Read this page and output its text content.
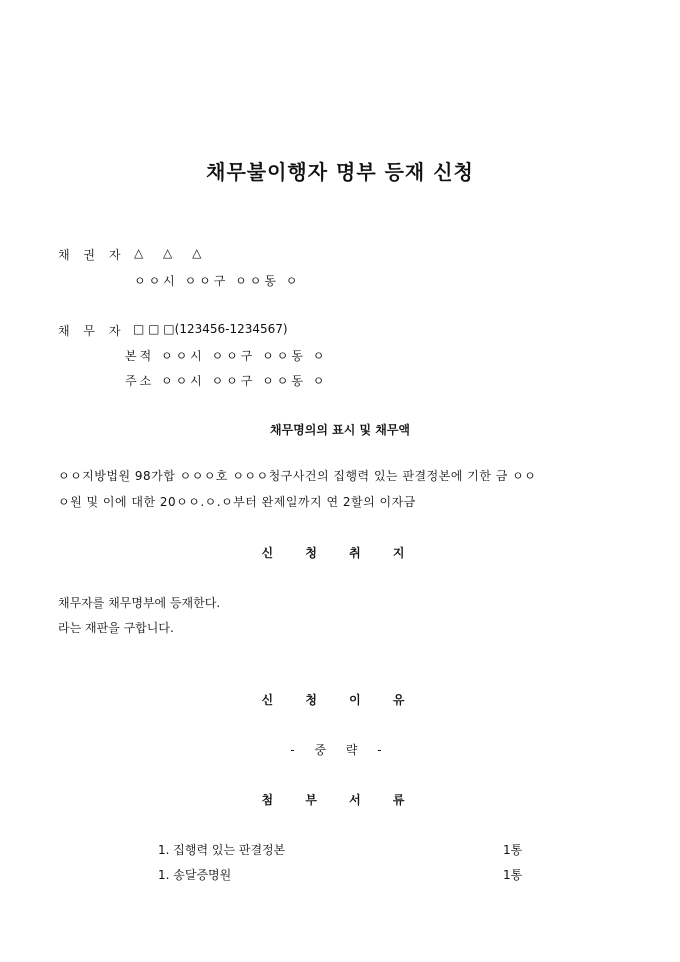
채무불이행자 명부 등재 신청
채 권 자 △ △ △
ㅇㅇ시 ㅇㅇ구 ㅇㅇ동 ㅇ
채 무 자 □ □ □(123456-1234567)
본적 ㅇㅇ시 ㅇㅇ구 ㅇㅇ동 ㅇ
주소 ㅇㅇ시 ㅇㅇ구 ㅇㅇ동 ㅇ
채무명의의 표시 및 채무액
ㅇㅇ지방법원 98가합 ㅇㅇㅇ호 ㅇㅇㅇ청구사건의 집행력 있는 판결정본에 기한 금 ㅇㅇ
ㅇ원 및 이에 대한 20ㅇㅇ.ㅇ.ㅇ부터 완제일까지 연 2할의 이자금
신 청 취 지
채무자를 채무명부에 등재한다.
라는 재판을 구합니다.
신 청 이 유
- 중 략 -
첨 부 서 류
1. 집행력 있는 판결정본	1통
1. 송달증명원	1통
